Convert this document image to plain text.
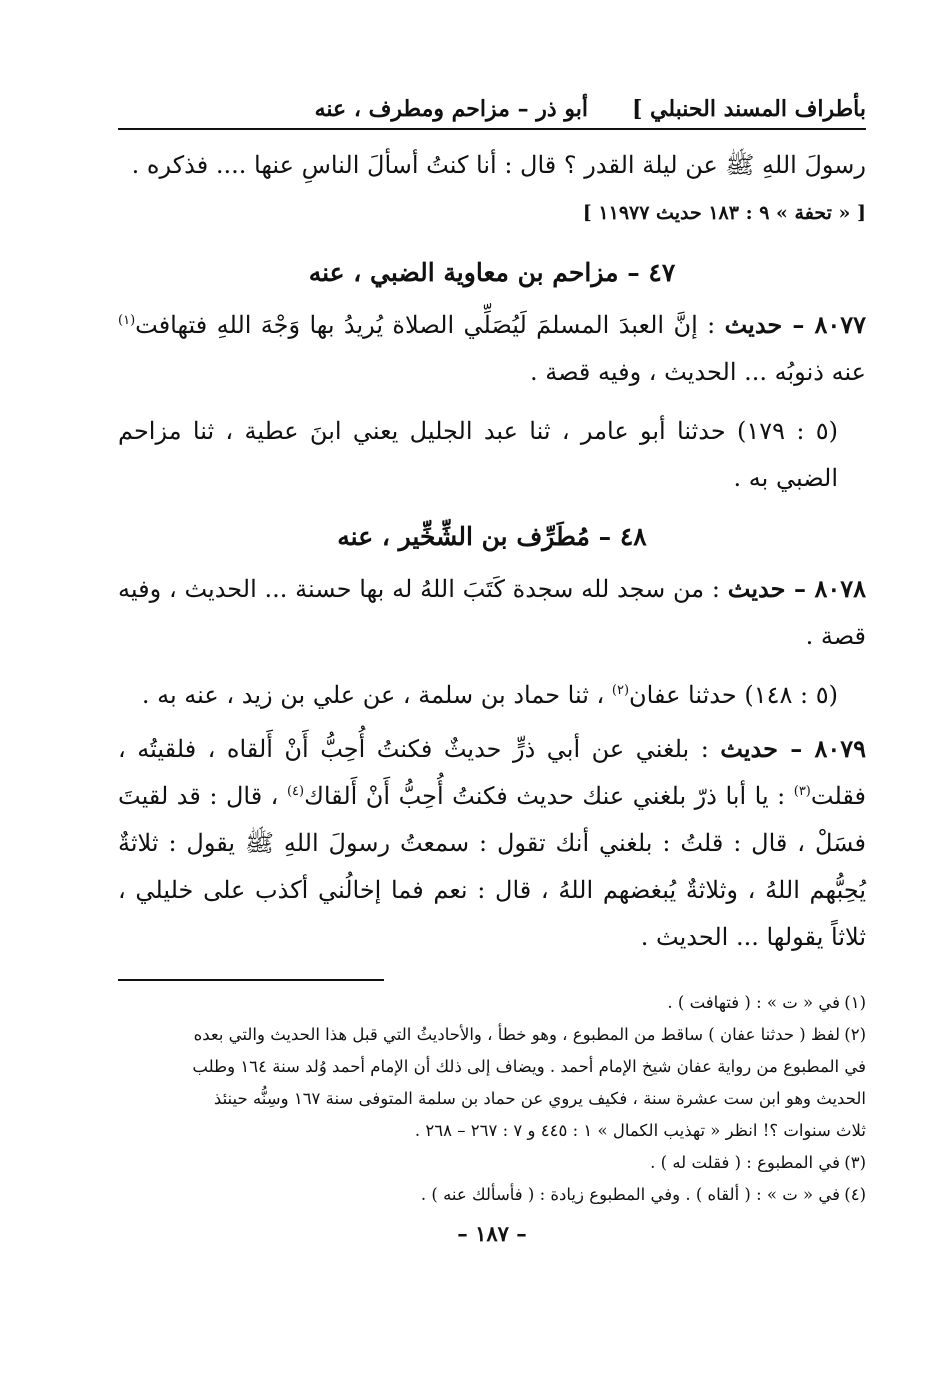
بأطراف المسند الحنبلي ]
أبو ذر – مزاحم ومطرف ، عنه

رسولَ اللهِ ﷺ عن ليلة القدر ؟ قال : أنا كنتُ أسألَ الناسِ عنها .... فذكره .

[ « تحفة » ٩ : ١٨٣ حديث ١١٩٧٧ ]

٤٧ – مزاحم بن معاوية الضبي ، عنه

٨٠٧٧ – حديث : إنَّ العبدَ المسلمَ لَيُصَلِّي الصلاة يُريدُ بها وَجْهَ اللهِ فتهافت$^{(١)}$ عنه ذنوبُه ... الحديث ، وفيه قصة .

(٥ : ١٧٩) حدثنا أبو عامر ، ثنا عبد الجليل يعني ابنَ عطية ، ثنا مزاحم الضبي به .

٤٨ – مُطَرِّف بن الشِّخِّير ، عنه

٨٠٧٨ – حديث : من سجد لله سجدة كَتَبَ اللهُ له بها حسنة ... الحديث ، وفيه قصة .

(٥ : ١٤٨) حدثنا عفان$^{(٢)}$ ، ثنا حماد بن سلمة ، عن علي بن زيد ، عنه به .

٨٠٧٩ – حديث : بلغني عن أبي ذرٍّ حديثٌ فكنتُ أُحِبُّ أَنْ أَلقاه ، فلقيتُه ، فقلت$^{(٣)}$ : يا أبا ذرّ بلغني عنك حديث فكنتُ أُحِبُّ أَنْ أَلقاك$^{(٤)}$ ، قال : قد لقيتَ فسَلْ ، قال : قلتُ : بلغني أنك تقول : سمعتُ رسولَ اللهِ ﷺ يقول : ثلاثةٌ يُحِبُّهم اللهُ ، وثلاثةٌ يُبغضهم اللهُ ، قال : نعم فما إخالُني أكذب على خليلي ، ثلاثاً يقولها ... الحديث .

(١)في « ت » : ( فتهافت ) .

(٢)لفظ ( حدثنا عفان ) ساقط من المطبوع ، وهو خطأ ، والأحاديثُ التي قبل هذا الحديث والتي بعده

في المطبوع من رواية عفان شيخ الإمام أحمد . ويضاف إلى ذلك أن الإمام أحمد وُلد سنة ١٦٤ وطلب

الحديث وهو ابن ست عشرة سنة ، فكيف يروي عن حماد بن سلمة المتوفى سنة ١٦٧ وسِنُّه حينئذ

ثلاث سنوات ؟! انظر « تهذيب الكمال » ١ : ٤٤٥ و ٧ : ٢٦٧ – ٢٦٨ .

(٣)في المطبوع : ( فقلت له ) .

(٤)في « ت » : ( ألقاه ) . وفي المطبوع زيادة : ( فأسألك عنه ) .

– ١٨٧ –
